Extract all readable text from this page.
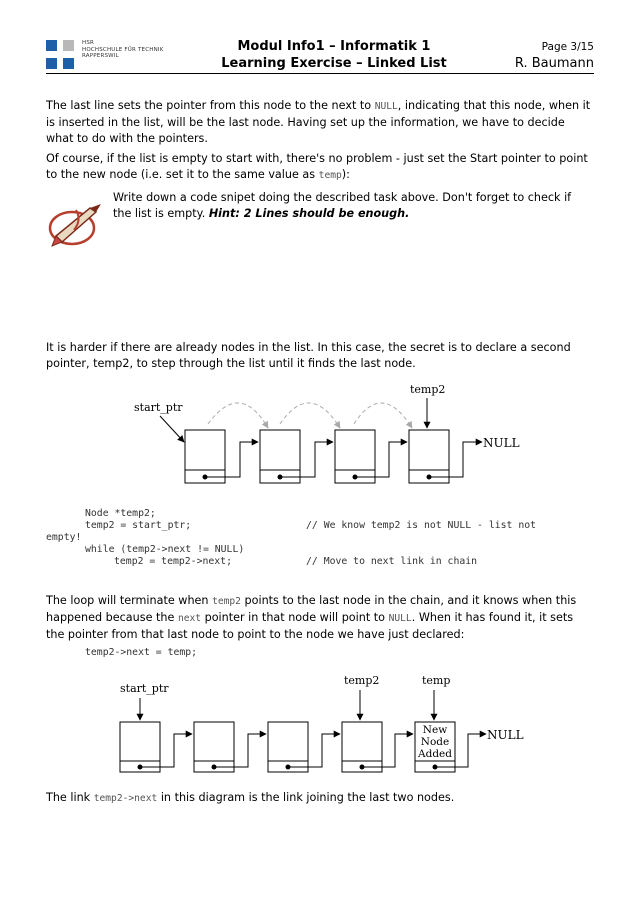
HSR
HOCHSCHULE FÜR TECHNIK
RAPPERSWIL
Modul Info1 – Informatik 1
Learning Exercise – Linked List
Page 3/15
R. Baumann
The last line sets the pointer from this node to the next to NULL, indicating that this node, when it is inserted in the list, will be the last node. Having set up the information, we have to decide what to do with the pointers.
Of course, if the list is empty to start with, there's no problem - just set the Start pointer to point to the new node (i.e. set it to the same value as temp):
Write down a code snipet doing the described task above. Don't forget to check if the list is empty. Hint: 2 Lines should be enough.
It is harder if there are already nodes in the list. In this case, the secret is to declare a second pointer, temp2, to step through the list until it finds the last node.
start_ptr
temp2
NULL
Node *temp2;
temp2 = start_ptr;	// We know temp2 is not NULL - list not
empty!
while (temp2->next != NULL)
temp2 = temp2->next;	// Move to next link in chain
The loop will terminate when temp2 points to the last node in the chain, and it knows when this happened because the next pointer in that node will point to NULL. When it has found it, it sets the pointer from that last node to point to the node we have just declared:
temp2->next = temp;
start_ptr
temp2	temp
New
Node
Added
NULL
The link temp2->next in this diagram is the link joining the last two nodes.
